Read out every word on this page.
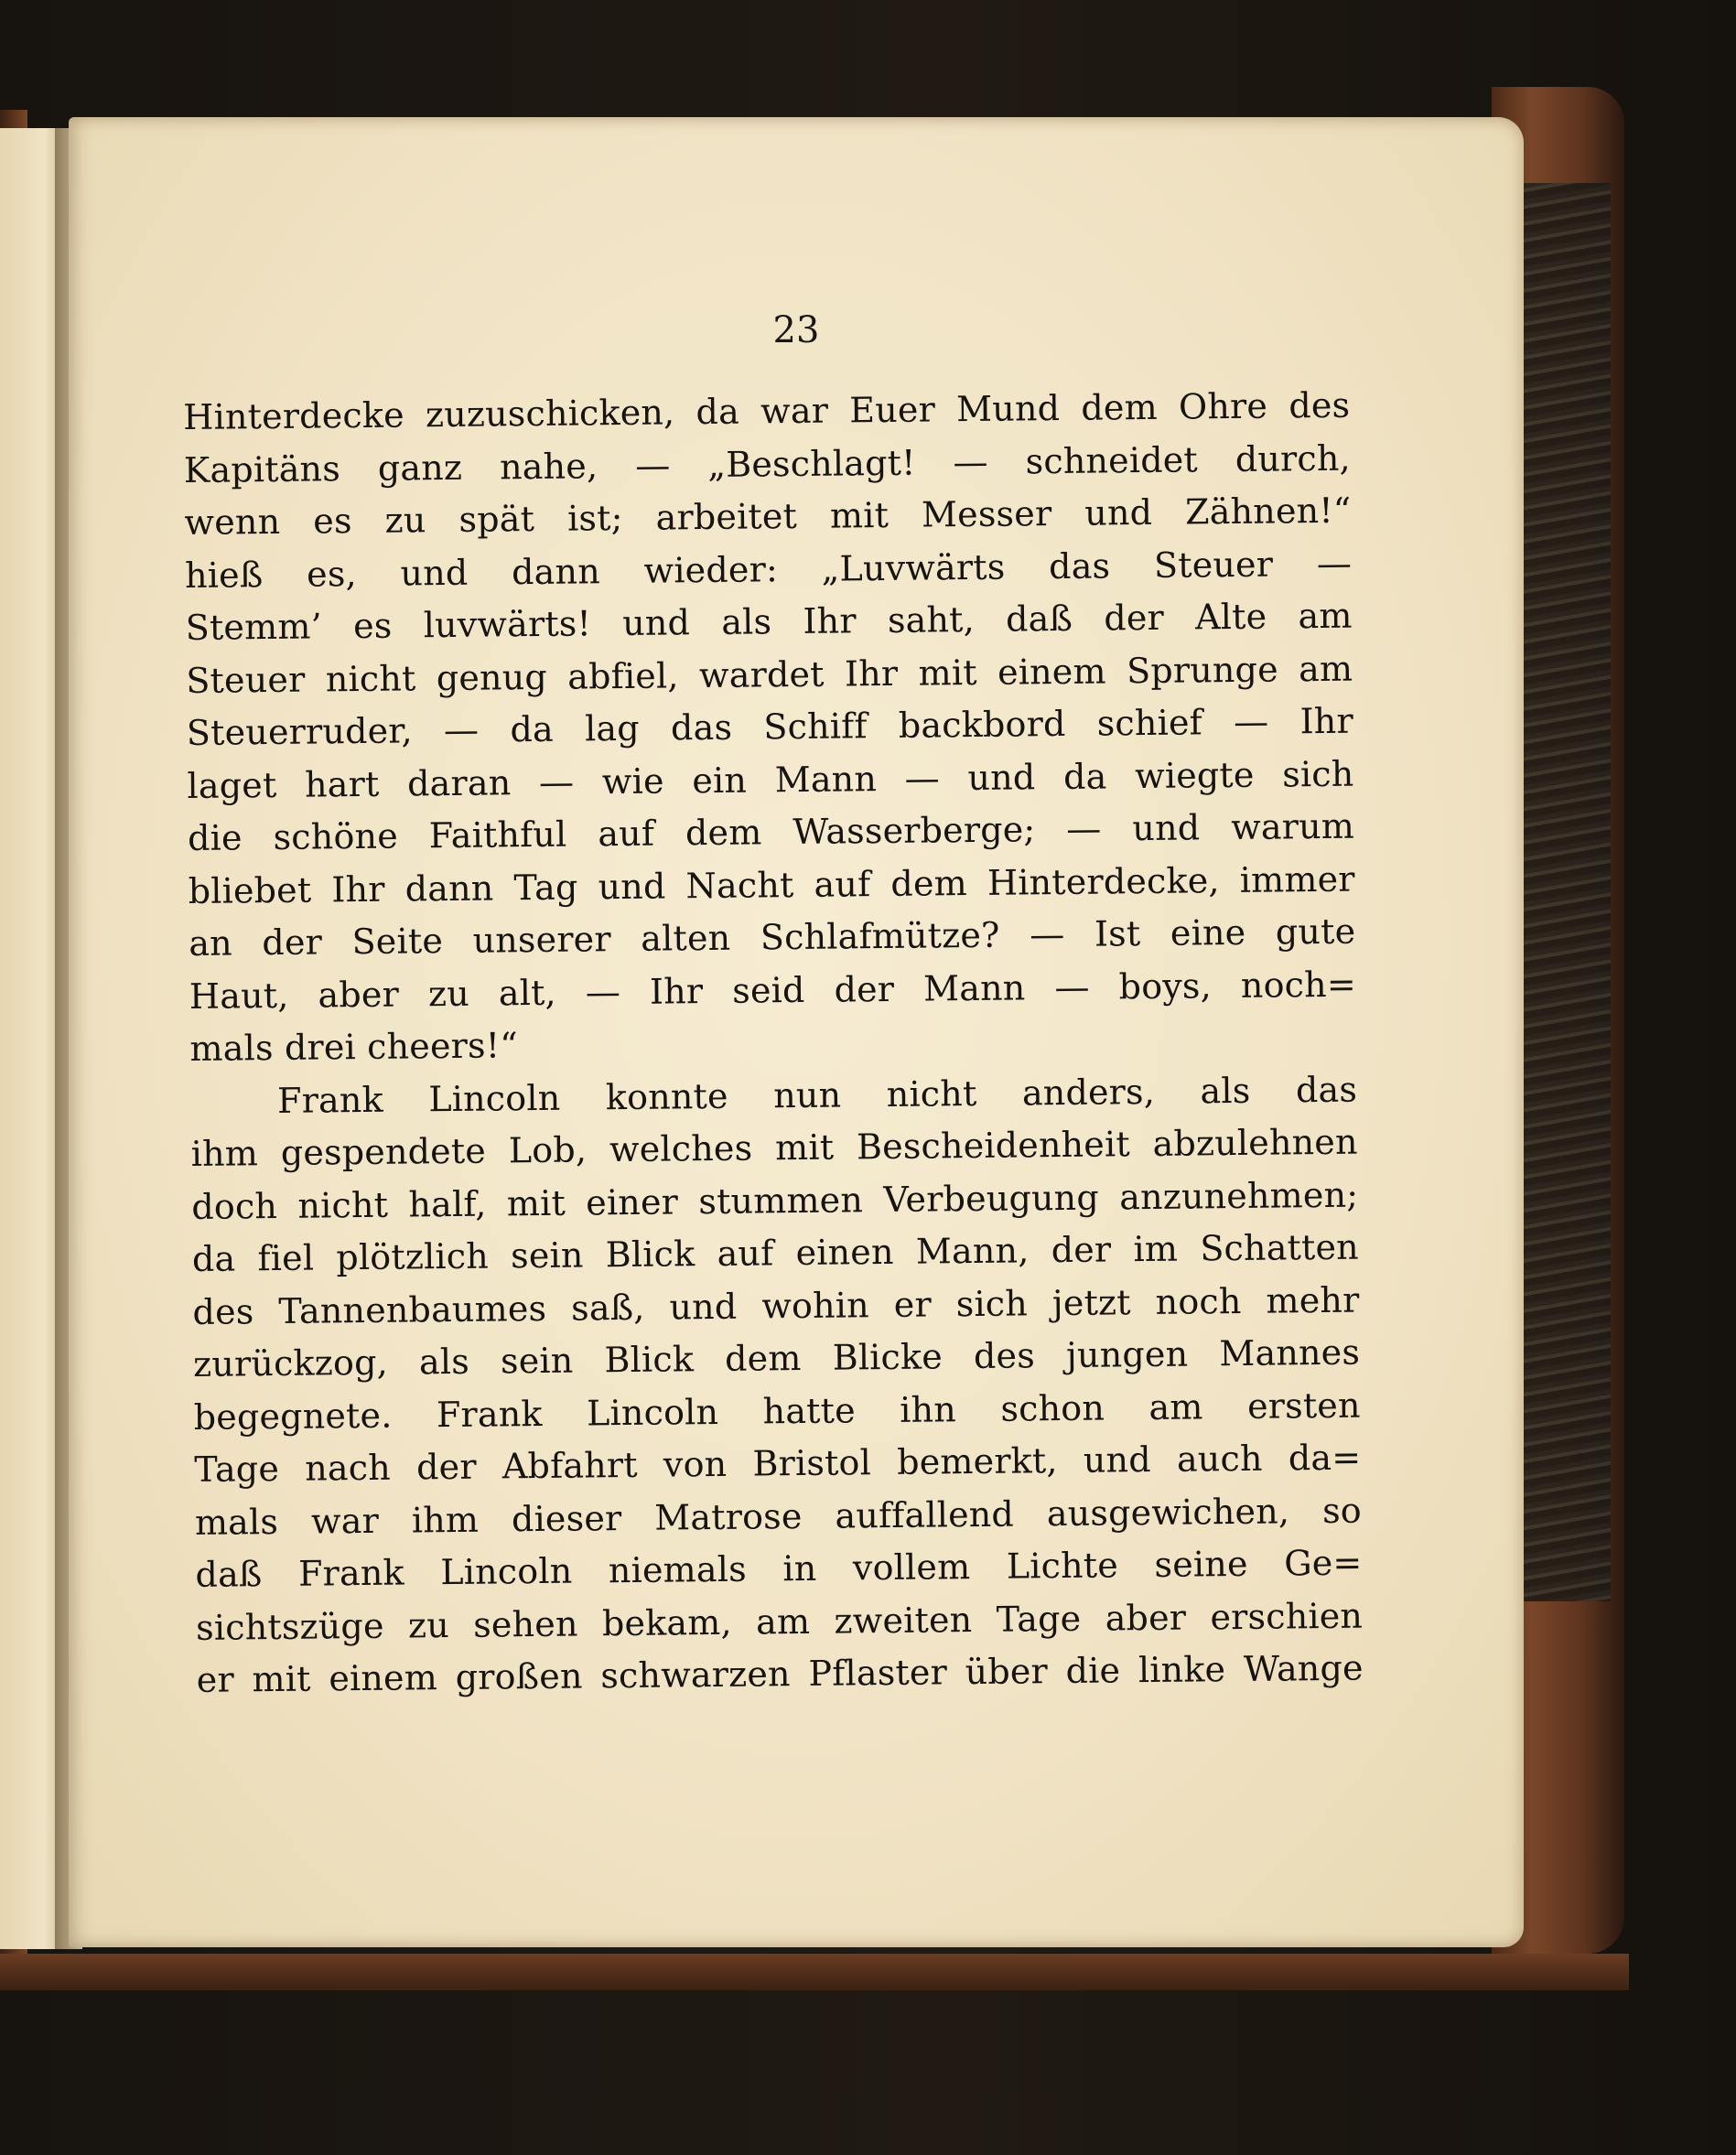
23
Hinterdecke zuzuschicken, da war Euer Mund dem Ohre des
Kapitäns ganz nahe, — „Beschlagt! — schneidet durch,
wenn es zu spät ist; arbeitet mit Messer und Zähnen!“
hieß es, und dann wieder: „Luvwärts das Steuer —
Stemm’ es luvwärts! und als Ihr saht, daß der Alte am
Steuer nicht genug abfiel, wardet Ihr mit einem Sprunge am
Steuerruder, — da lag das Schiff backbord schief — Ihr
laget hart daran — wie ein Mann — und da wiegte sich
die schöne Faithful auf dem Wasserberge; — und warum
bliebet Ihr dann Tag und Nacht auf dem Hinterdecke, immer
an der Seite unserer alten Schlafmütze? — Ist eine gute
Haut, aber zu alt, — Ihr seid der Mann — boys, noch=
mals drei cheers!“
Frank Lincoln konnte nun nicht anders, als das
ihm gespendete Lob, welches mit Bescheidenheit abzulehnen
doch nicht half, mit einer stummen Verbeugung anzunehmen;
da fiel plötzlich sein Blick auf einen Mann, der im Schatten
des Tannenbaumes saß, und wohin er sich jetzt noch mehr
zurückzog, als sein Blick dem Blicke des jungen Mannes
begegnete. Frank Lincoln hatte ihn schon am ersten
Tage nach der Abfahrt von Bristol bemerkt, und auch da=
mals war ihm dieser Matrose auffallend ausgewichen, so
daß Frank Lincoln niemals in vollem Lichte seine Ge=
sichtszüge zu sehen bekam, am zweiten Tage aber erschien
er mit einem großen schwarzen Pflaster über die linke Wange
